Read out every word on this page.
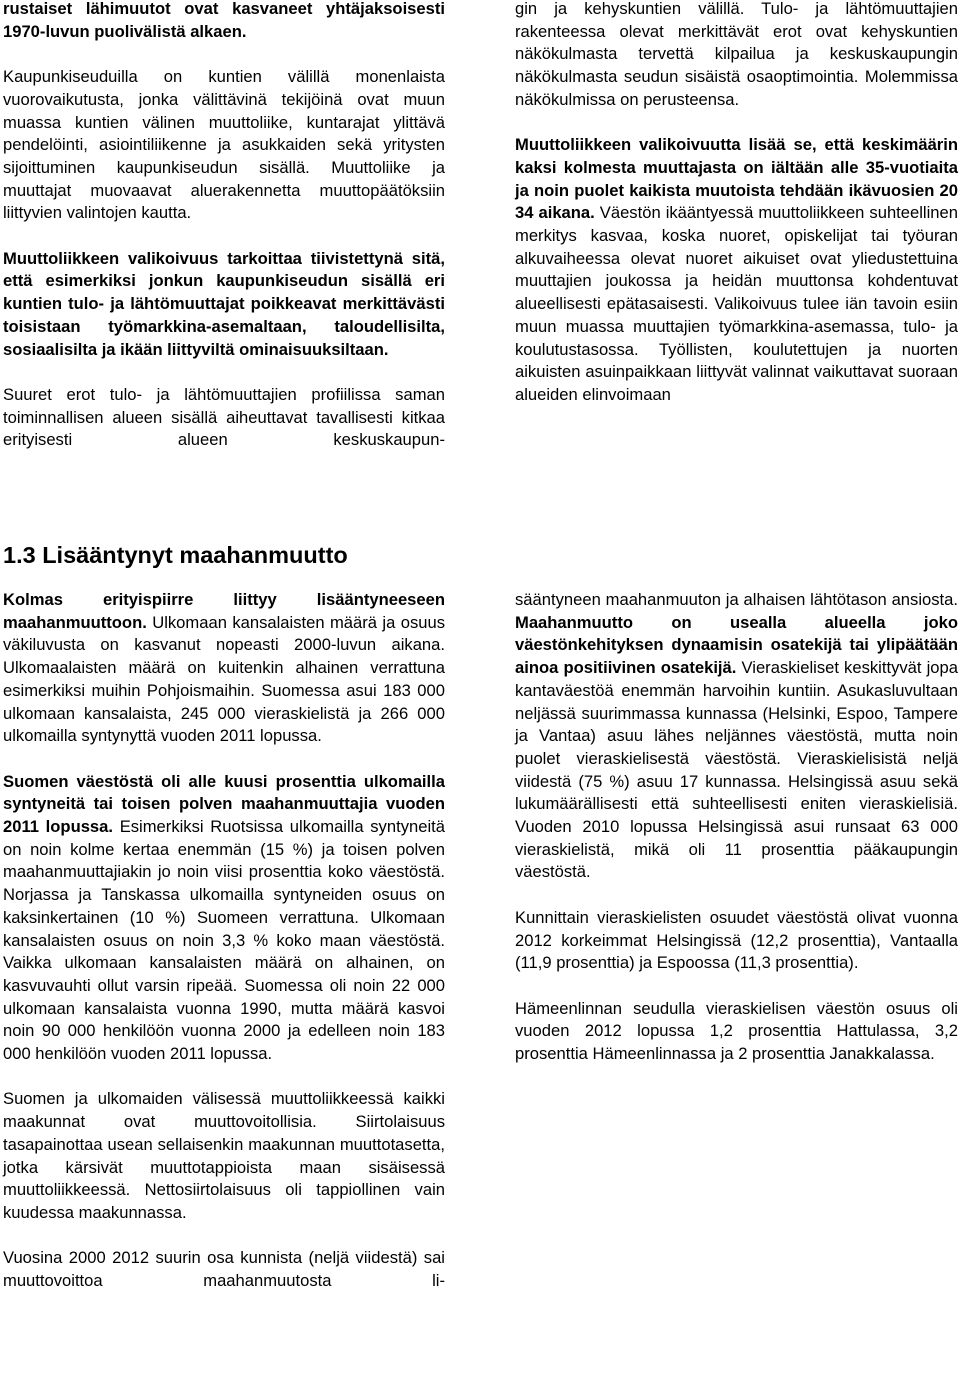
rustaiset lähimuutot ovat kasvaneet yhtäjaksoisesti 1970-luvun puolivälistä alkaen.

Kaupunkiseuduilla on kuntien välillä monenlaista vuorovaikutusta, jonka välittävinä tekijöinä ovat muun muassa kuntien välinen muuttoliike, kuntarajat ylittävä pendelöinti, asiointiliikenne ja asukkaiden sekä yritysten sijoittuminen kaupunkiseudun sisällä. Muuttoliike ja muuttajat muovaavat aluerakennetta muuttopäätöksiin liittyvien valintojen kautta.

Muuttoliikkeen valikoivuus tarkoittaa tiivistettynä sitä, että esimerkiksi jonkun kaupunkiseudun sisällä eri kuntien tulo- ja lähtömuuttajat poikkeavat merkittävästi toisistaan työmarkkina-asemaltaan, taloudellisilta, sosiaalisilta ja ikään liittyviltä ominaisuuksiltaan.

Suuret erot tulo- ja lähtömuuttajien profiilissa saman toiminnallisen alueen sisällä aiheuttavat tavallisesti kitkaa erityisesti alueen keskuskaupun-

gin ja kehyskuntien välillä. Tulo- ja lähtömuuttajien rakenteessa olevat merkittävät erot ovat kehyskuntien näkökulmasta tervettä kilpailua ja keskuskaupungin näkökulmasta seudun sisäistä osaoptimointia. Molemmissa näkökulmissa on perusteensa.

Muuttoliikkeen valikoivuutta lisää se, että keskimäärin kaksi kolmesta muuttajasta on iältään alle 35-vuotiaita ja noin puolet kaikista muutoista tehdään ikävuosien 20 34 aikana. Väestön ikääntyessä muuttoliikkeen suhteellinen merkitys kasvaa, koska nuoret, opiskelijat tai työuran alkuvaiheessa olevat nuoret aikuiset ovat yliedustettuina muuttajien joukossa ja heidän muuttonsa kohdentuvat alueellisesti epätasaisesti. Valikoivuus tulee iän tavoin esiin muun muassa muuttajien työmarkkina-asemassa, tulo- ja koulutustasossa. Työllisten, koulutettujen ja nuorten aikuisten asuinpaikkaan liittyvät valinnat vaikuttavat suoraan alueiden elinvoimaan

1.3 Lisääntynyt maahanmuutto

Kolmas erityispiirre liittyy lisääntyneeseen maahanmuuttoon. Ulkomaan kansalaisten määrä ja osuus väkiluvusta on kasvanut nopeasti 2000-luvun aikana. Ulkomaalaisten määrä on kuitenkin alhainen verrattuna esimerkiksi muihin Pohjoismaihin. Suomessa asui 183 000 ulkomaan kansalaista, 245 000 vieraskielistä ja 266 000 ulkomailla syntynyttä vuoden 2011 lopussa.

Suomen väestöstä oli alle kuusi prosenttia ulkomailla syntyneitä tai toisen polven maahanmuuttajia vuoden 2011 lopussa. Esimerkiksi Ruotsissa ulkomailla syntyneitä on noin kolme kertaa enemmän (15 %) ja toisen polven maahanmuuttajiakin jo noin viisi prosenttia koko väestöstä. Norjassa ja Tanskassa ulkomailla syntyneiden osuus on kaksinkertainen (10 %) Suomeen verrattuna. Ulkomaan kansalaisten osuus on noin 3,3 % koko maan väestöstä. Vaikka ulkomaan kansalaisten määrä on alhainen, on kasvuvauhti ollut varsin ripeää. Suomessa oli noin 22 000 ulkomaan kansalaista vuonna 1990, mutta määrä kasvoi noin 90 000 henkilöön vuonna 2000 ja edelleen noin 183 000 henkilöön vuoden 2011 lopussa.

Suomen ja ulkomaiden välisessä muuttoliikkeessä kaikki maakunnat ovat muuttovoitollisia. Siirtolaisuus tasapainottaa usean sellaisenkin maakunnan muuttotasetta, jotka kärsivät muuttotappioista maan sisäisessä muuttoliikkeessä. Nettosiirtolaisuus oli tappiollinen vain kuudessa maakunnassa.

Vuosina 2000 2012 suurin osa kunnista (neljä viidestä) sai muuttovoittoa maahanmuutosta li-

sääntyneen maahanmuuton ja alhaisen lähtötason ansiosta. Maahanmuutto on usealla alueella joko väestönkehityksen dynaamisin osatekijä tai ylipäätään ainoa positiivinen osatekijä. Vieraskieliset keskittyvät jopa kantaväestöä enemmän harvoihin kuntiin. Asukasluvultaan neljässä suurimmassa kunnassa (Helsinki, Espoo, Tampere ja Vantaa) asuu lähes neljännes väestöstä, mutta noin puolet vieraskielisestä väestöstä. Vieraskielisistä neljä viidestä (75 %) asuu 17 kunnassa. Helsingissä asuu sekä lukumäärällisesti että suhteellisesti eniten vieraskielisiä. Vuoden 2010 lopussa Helsingissä asui runsaat 63 000 vieraskielistä, mikä oli 11 prosenttia pääkaupungin väestöstä.

Kunnittain vieraskielisten osuudet väestöstä olivat vuonna 2012 korkeimmat Helsingissä (12,2 prosenttia), Vantaalla (11,9 prosenttia) ja Espoossa (11,3 prosenttia).

Hämeenlinnan seudulla vieraskielisen väestön osuus oli vuoden 2012 lopussa 1,2 prosenttia Hattulassa, 3,2 prosenttia Hämeenlinnassa ja 2 prosenttia Janakkalassa.
